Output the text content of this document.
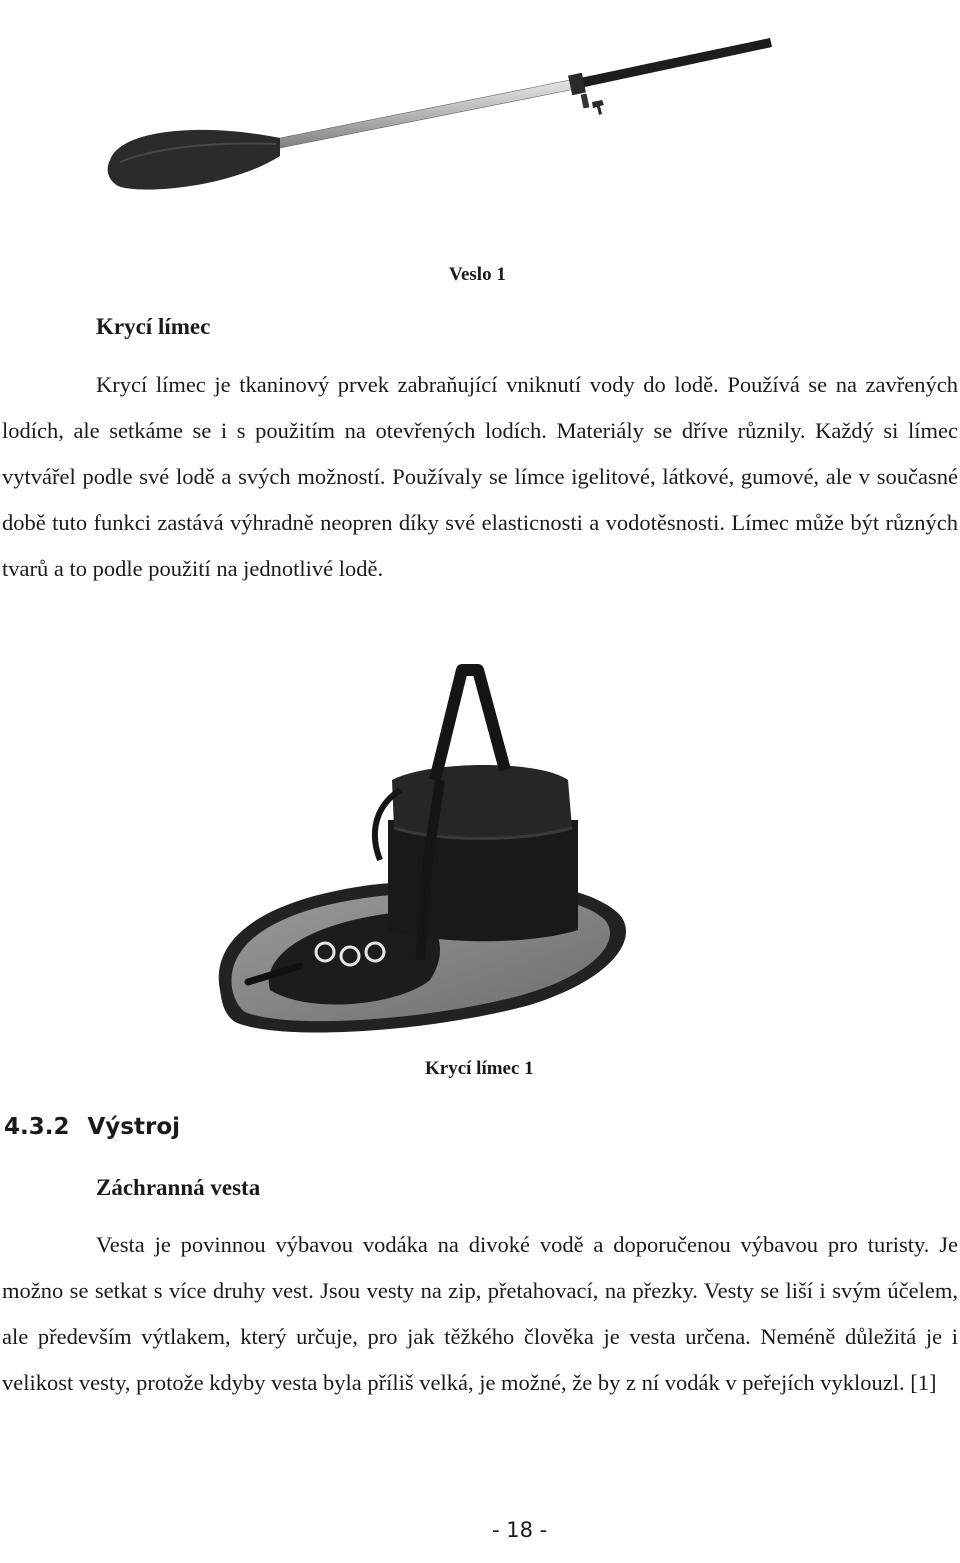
Veslo 1
Krycí límec

Krycí límec je tkaninový prvek zabraňující vniknutí vody do lodě. Používá se na zavřených lodích, ale setkáme se i s použitím na otevřených lodích. Materiály se dříve různily. Každý si límec vytvářel podle své lodě a svých možností. Používaly se límce igelitové, látkové, gumové, ale v současné době tuto funkci zastává výhradně neopren díky své elasticnosti a vodotěsnosti. Límec může být různých tvarů a to podle použití na jednotlivé lodě.

Krycí límec 1
4.3.2 Výstroj
Záchranná vesta

Vesta je povinnou výbavou vodáka na divoké vodě a doporučenou výbavou pro turisty. Je možno se setkat s více druhy vest. Jsou vesty na zip, přetahovací, na přezky. Vesty se liší i svým účelem, ale především výtlakem, který určuje, pro jak těžkého člověka je vesta určena. Neméně důležitá je i velikost vesty, protože kdyby vesta byla příliš velká, je možné, že by z ní vodák v peřejích vyklouzl. [1]

- 18 -
